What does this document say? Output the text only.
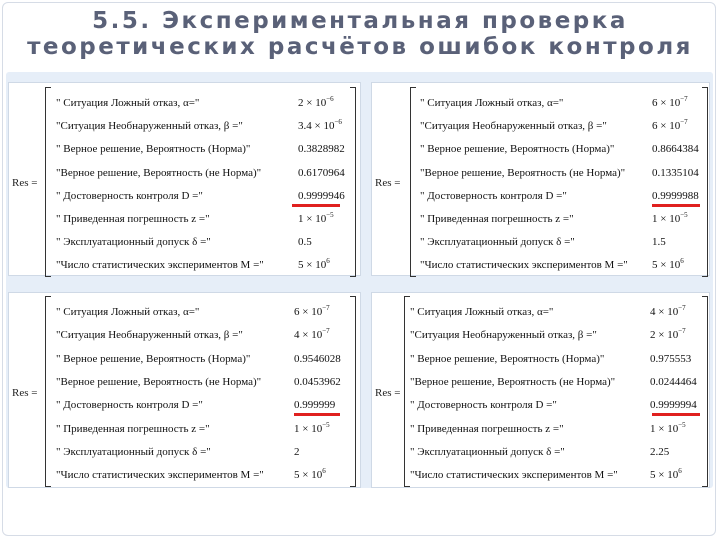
5.5. Экспериментальная проверка
теоретических расчётов ошибок контроля
Res =
" Ситуация Ложный отказ, α="	$2 \times 10^{-6}$
"Ситуация Необнаруженный отказ, β ="	$3.4 \times 10^{-6}$
" Верное решение, Вероятность (Норма)"	0.3828982
"Верное решение, Вероятность (не Норма)"	0.6170964
" Достоверность контроля D ="	0.9999946
" Приведенная погрешность z ="	$1 \times 10^{-5}$
" Эксплуатационный допуск δ ="	0.5
"Число статистических экспериментов M ="	$5 \times 10^6$
Res =
" Ситуация Ложный отказ, α="	$6 \times 10^{-7}$
"Ситуация Необнаруженный отказ, β ="	$6 \times 10^{-7}$
" Верное решение, Вероятность (Норма)"	0.8664384
"Верное решение, Вероятность (не Норма)" 0.1335104
" Достоверность контроля D ="	0.9999988
" Приведенная погрешность z ="	$1 \times 10^{-5}$
" Эксплуатационный допуск δ ="	1.5
"Число статистических экспериментов M =" $5 \times 10^6$
Res =
" Ситуация Ложный отказ, α="	$6 \times 10^{-7}$
"Ситуация Необнаруженный отказ, β ="	$4 \times 10^{-7}$
" Верное решение, Вероятность (Норма)"	0.9546028
"Верное решение, Вероятность (не Норма)"	0.0453962
" Достоверность контроля D ="	0.999999
" Приведенная погрешность z ="	$1 \times 10^{-5}$
" Эксплуатационный допуск δ ="	2
"Число статистических экспериментов M ="	$5 \times 10^6$
Res =
" Ситуация Ложный отказ, α="	$4 \times 10^{-7}$
"Ситуация Необнаруженный отказ, β ="	$2 \times 10^{-7}$
" Верное решение, Вероятность (Норма)"	0.975553
"Верное решение, Вероятность (не Норма)"	0.0244464
" Достоверность контроля D ="	0.9999994
" Приведенная погрешность z ="	$1 \times 10^{-5}$
" Эксплуатационный допуск δ ="	2.25
"Число статистических экспериментов M ="	$5 \times 10^6$
